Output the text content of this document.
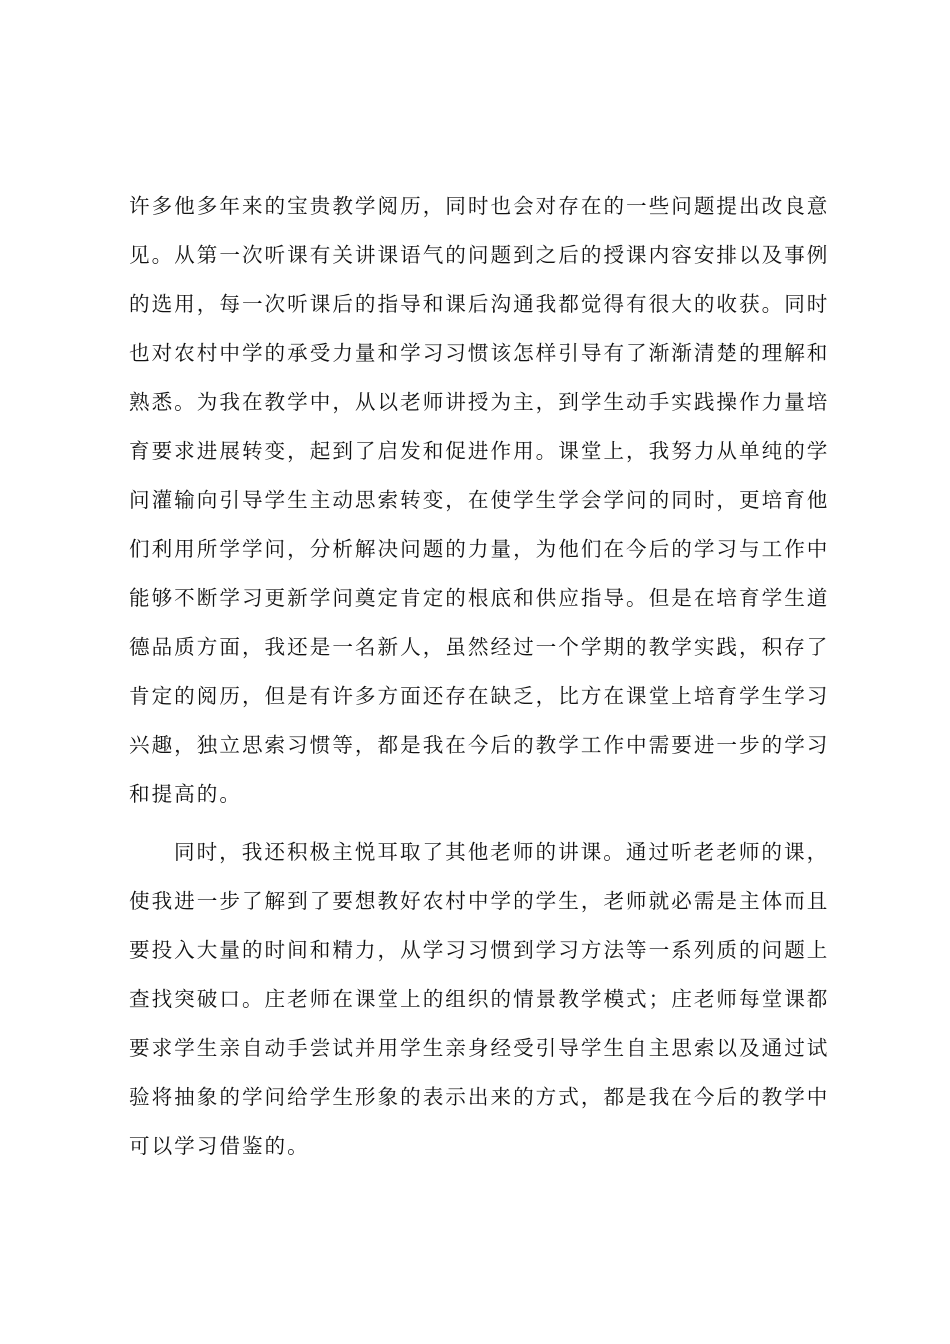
许多他多年来的宝贵教学阅历，同时也会对存在的一些问题提出改良意
见。从第一次听课有关讲课语气的问题到之后的授课内容安排以及事例
的选用，每一次听课后的指导和课后沟通我都觉得有很大的收获。同时
也对农村中学的承受力量和学习习惯该怎样引导有了渐渐清楚的理解和
熟悉。为我在教学中，从以老师讲授为主，到学生动手实践操作力量培
育要求进展转变，起到了启发和促进作用。课堂上，我努力从单纯的学
问灌输向引导学生主动思索转变，在使学生学会学问的同时，更培育他
们利用所学学问，分析解决问题的力量，为他们在今后的学习与工作中
能够不断学习更新学问奠定肯定的根底和供应指导。但是在培育学生道
德品质方面，我还是一名新人，虽然经过一个学期的教学实践，积存了
肯定的阅历，但是有许多方面还存在缺乏，比方在课堂上培育学生学习
兴趣，独立思索习惯等，都是我在今后的教学工作中需要进一步的学习
和提高的。
同时，我还积极主悦耳取了其他老师的讲课。通过听老老师的课，
使我进一步了解到了要想教好农村中学的学生，老师就必需是主体而且
要投入大量的时间和精力，从学习习惯到学习方法等一系列质的问题上
查找突破口。庄老师在课堂上的组织的情景教学模式；庄老师每堂课都
要求学生亲自动手尝试并用学生亲身经受引导学生自主思索以及通过试
验将抽象的学问给学生形象的表示出来的方式，都是我在今后的教学中
可以学习借鉴的。
